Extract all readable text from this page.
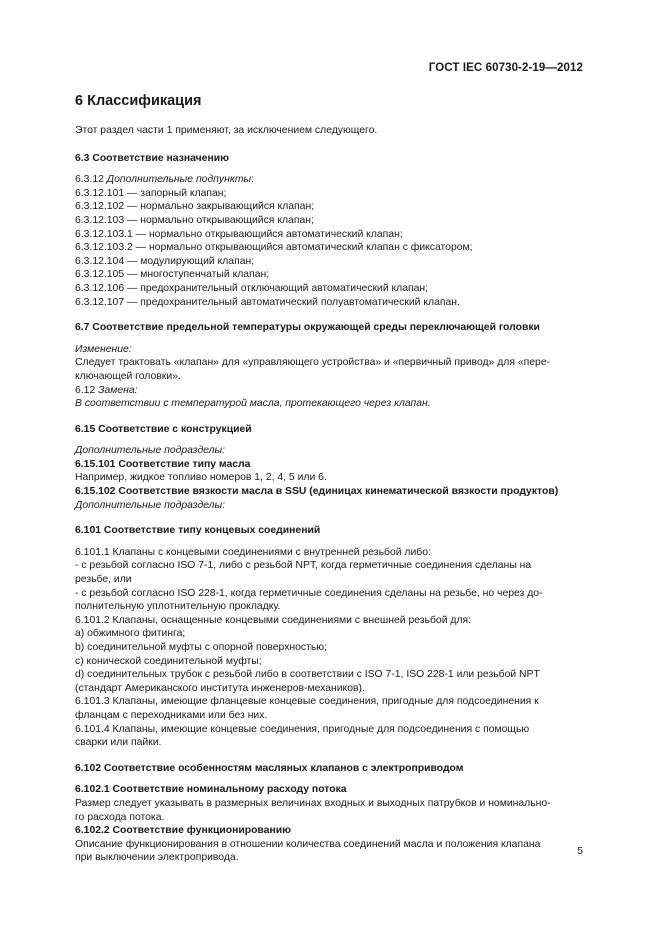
ГОСТ IEC 60730-2-19—2012

6 Классификация

Этот раздел части 1 применяют, за исключением следующего.

6.3 Соответствие назначению

6.3.12 Дополнительные подпункты:

6.3.12.101 — запорный клапан;

6.3.12.102 — нормально закрывающийся клапан;

6.3.12.103 — нормально открывающийся клапан;

6.3.12.103.1 — нормально открывающийся автоматический клапан;

6.3.12.103.2 — нормально открывающийся автоматический клапан с фиксатором;

6.3.12.104 — модулирующий клапан;

6.3.12.105 — многоступенчатый клапан;

6.3.12.106 — предохранительный отключающий автоматический клапан;

6.3.12.107 — предохранительный автоматический полуавтоматический клапан.

6.7 Соответствие предельной температуры окружающей среды переключающей головки

Изменение:

Следует трактовать «клапан» для «управляющего устройства» и «первичный привод» для «пере-

ключающей головки».

6.12 Замена:

В соответствии с температурой масла, протекающего через клапан.

6.15 Соответствие с конструкцией

Дополнительные подразделы:

6.15.101 Соответствие типу масла

Например, жидкое топливо номеров 1, 2, 4, 5 или 6.

6.15.102 Соответствие вязкости масла в SSU (единицах кинематической вязкости продуктов)

Дополнительные подразделы:

6.101 Соответствие типу концевых соединений

6.101.1 Клапаны с концевыми соединениями с внутренней резьбой либо:

- с резьбой согласно ISO 7-1, либо с резьбой NPT, когда герметичные соединения сделаны на

резьбе, или

- с резьбой согласно ISO 228-1, когда герметичные соединения сделаны на резьбе, но через до-

полнительную уплотнительную прокладку.

6.101.2 Клапаны, оснащенные концевыми соединениями с внешней резьбой для:

a) обжимного фитинга;

b) соединительной муфты с опорной поверхностью;

c) конической соединительной муфты;

d) соединительных трубок с резьбой либо в соответствии с ISO 7-1, ISO 228-1 или резьбой NPT

(стандарт Американского института инженеров-механиков).

6.101.3 Клапаны, имеющие фланцевые концевые соединения, пригодные для подсоединения к

фланцам с переходниками или без них.

6.101.4 Клапаны, имеющие концевые соединения, пригодные для подсоединения с помощью

сварки или пайки.

6.102 Соответствие особенностям масляных клапанов с электроприводом

6.102.1 Соответствие номинальному расходу потока

Размер следует указывать в размерных величинах входных и выходных патрубков и номинально-

го расхода потока.

6.102.2 Соответствие функционированию

Описание функционирования в отношении количества соединений масла и положения клапана

при выключении электропривода.

5
